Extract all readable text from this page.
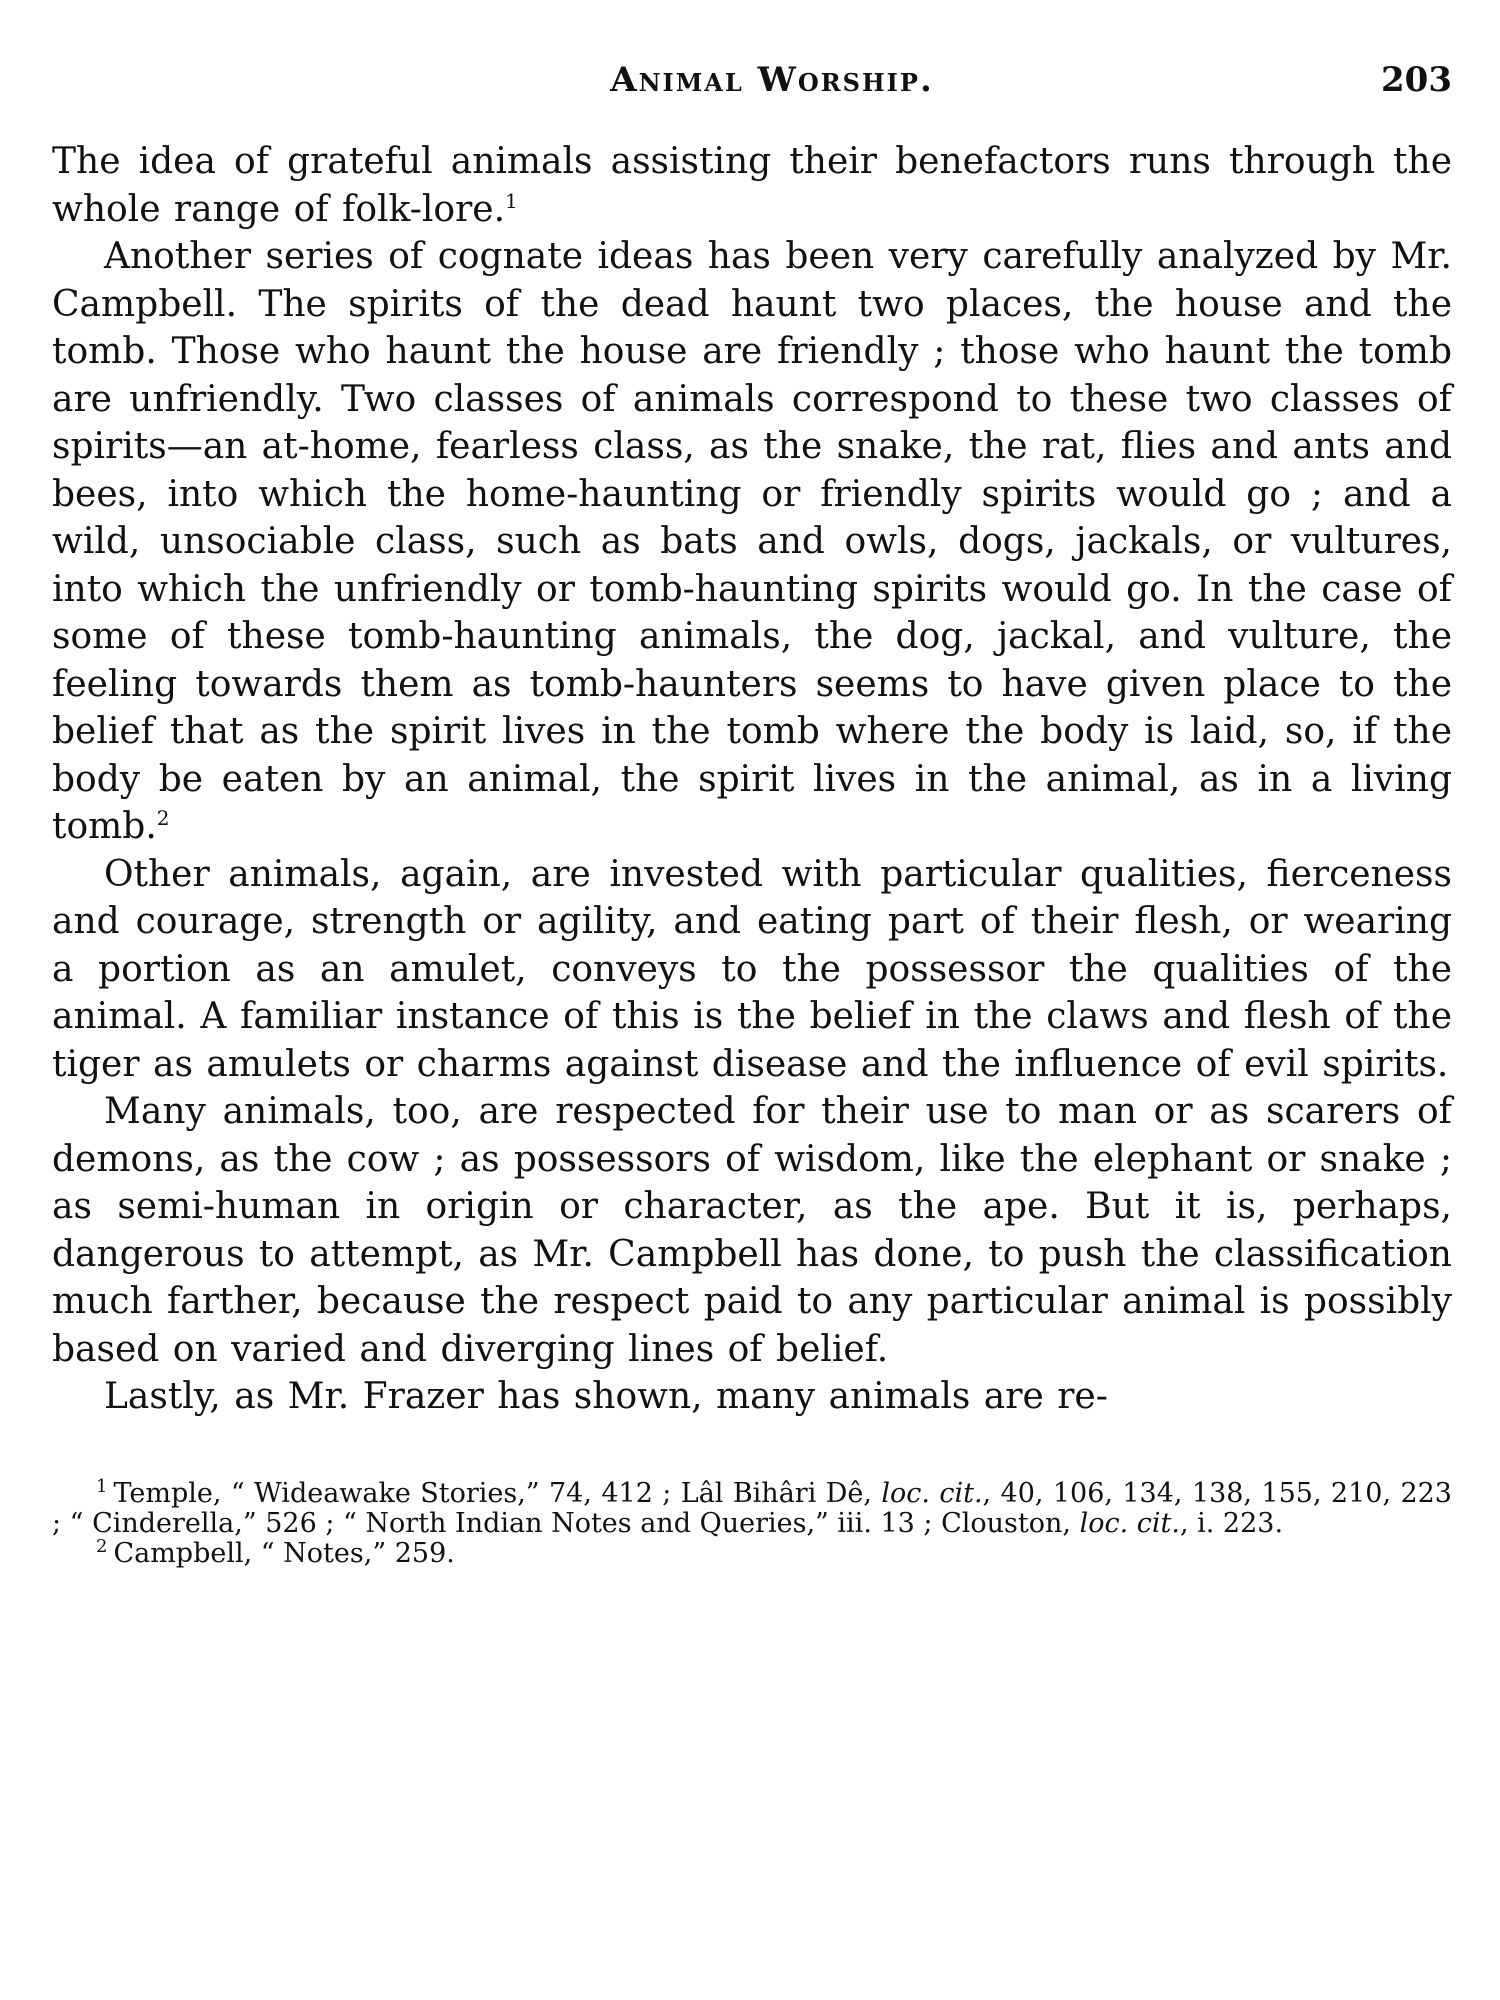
Animal Worship.	203

The idea of grateful animals assisting their benefactors runs through the whole range of folk-lore.$^1$

Another series of cognate ideas has been very carefully analyzed by Mr. Campbell. The spirits of the dead haunt two places, the house and the tomb. Those who haunt the house are friendly ; those who haunt the tomb are unfriendly. Two classes of animals correspond to these two classes of spirits—an at-home, fearless class, as the snake, the rat, flies and ants and bees, into which the home-haunting or friendly spirits would go ; and a wild, unsociable class, such as bats and owls, dogs, jackals, or vultures, into which the unfriendly or tomb-haunting spirits would go. In the case of some of these tomb-haunting animals, the dog, jackal, and vulture, the feeling towards them as tomb-haunters seems to have given place to the belief that as the spirit lives in the tomb where the body is laid, so, if the body be eaten by an animal, the spirit lives in the animal, as in a living tomb.$^2$

Other animals, again, are invested with particular qualities, fierceness and courage, strength or agility, and eating part of their flesh, or wearing a portion as an amulet, conveys to the possessor the qualities of the animal. A familiar instance of this is the belief in the claws and flesh of the tiger as amulets or charms against disease and the influence of evil spirits.

Many animals, too, are respected for their use to man or as scarers of demons, as the cow ; as possessors of wisdom, like the elephant or snake ; as semi-human in origin or character, as the ape. But it is, perhaps, dangerous to attempt, as Mr. Campbell has done, to push the classification much farther, because the respect paid to any particular animal is possibly based on varied and diverging lines of belief.

Lastly, as Mr. Frazer has shown, many animals are re-

$^1$ Temple, “ Wideawake Stories,” 74, 412 ; Lâl Bihâri Dê, loc. cit., 40, 106, 134, 138, 155, 210, 223 ; “ Cinderella,” 526 ; “ North Indian Notes and Queries,” iii. 13 ; Clouston, loc. cit., i. 223.

$^2$ Campbell, “ Notes,” 259.
